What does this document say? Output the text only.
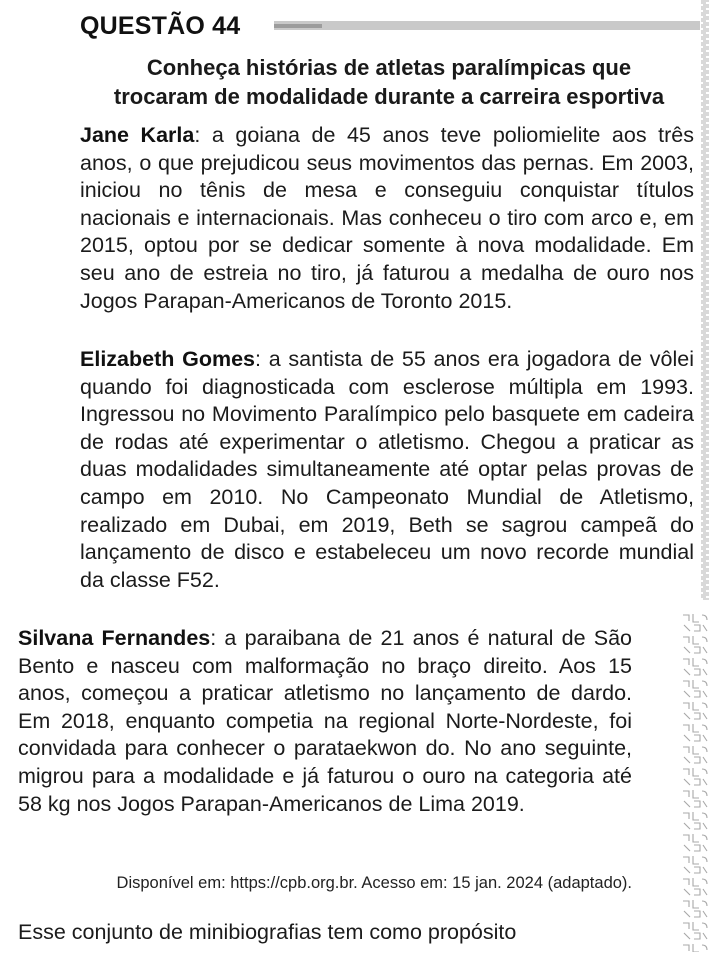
QUESTÃO 44
Conheça histórias de atletas paralímpicas que
trocaram de modalidade durante a carreira esportiva
Jane Karla: a goiana de 45 anos teve poliomielite aos três anos, o que prejudicou seus movimentos das pernas. Em 2003, iniciou no tênis de mesa e conseguiu conquistar títulos nacionais e internacionais. Mas conheceu o tiro com arco e, em 2015, optou por se dedicar somente à nova modalidade. Em seu ano de estreia no tiro, já faturou a medalha de ouro nos Jogos Parapan-Americanos de Toronto 2015.
Elizabeth Gomes: a santista de 55 anos era jogadora de vôlei quando foi diagnosticada com esclerose múltipla em 1993. Ingressou no Movimento Paralímpico pelo basquete em cadeira de rodas até experimentar o atletismo. Chegou a praticar as duas modalidades simultaneamente até optar pelas provas de campo em 2010. No Campeonato Mundial de Atletismo, realizado em Dubai, em 2019, Beth se sagrou campeã do lançamento de disco e estabeleceu um novo recorde mundial da classe F52.
Silvana Fernandes: a paraibana de 21 anos é natural de São Bento e nasceu com malformação no braço direito. Aos 15 anos, começou a praticar atletismo no lançamento de dardo. Em 2018, enquanto competia na regional Norte-Nordeste, foi convidada para conhecer o parataekwon do. No ano seguinte, migrou para a modalidade e já faturou o ouro na categoria até 58 kg nos Jogos Parapan-Americanos de Lima 2019.
Disponível em: https://cpb.org.br. Acesso em: 15 jan. 2024 (adaptado).
Esse conjunto de minibiografias tem como propósito
